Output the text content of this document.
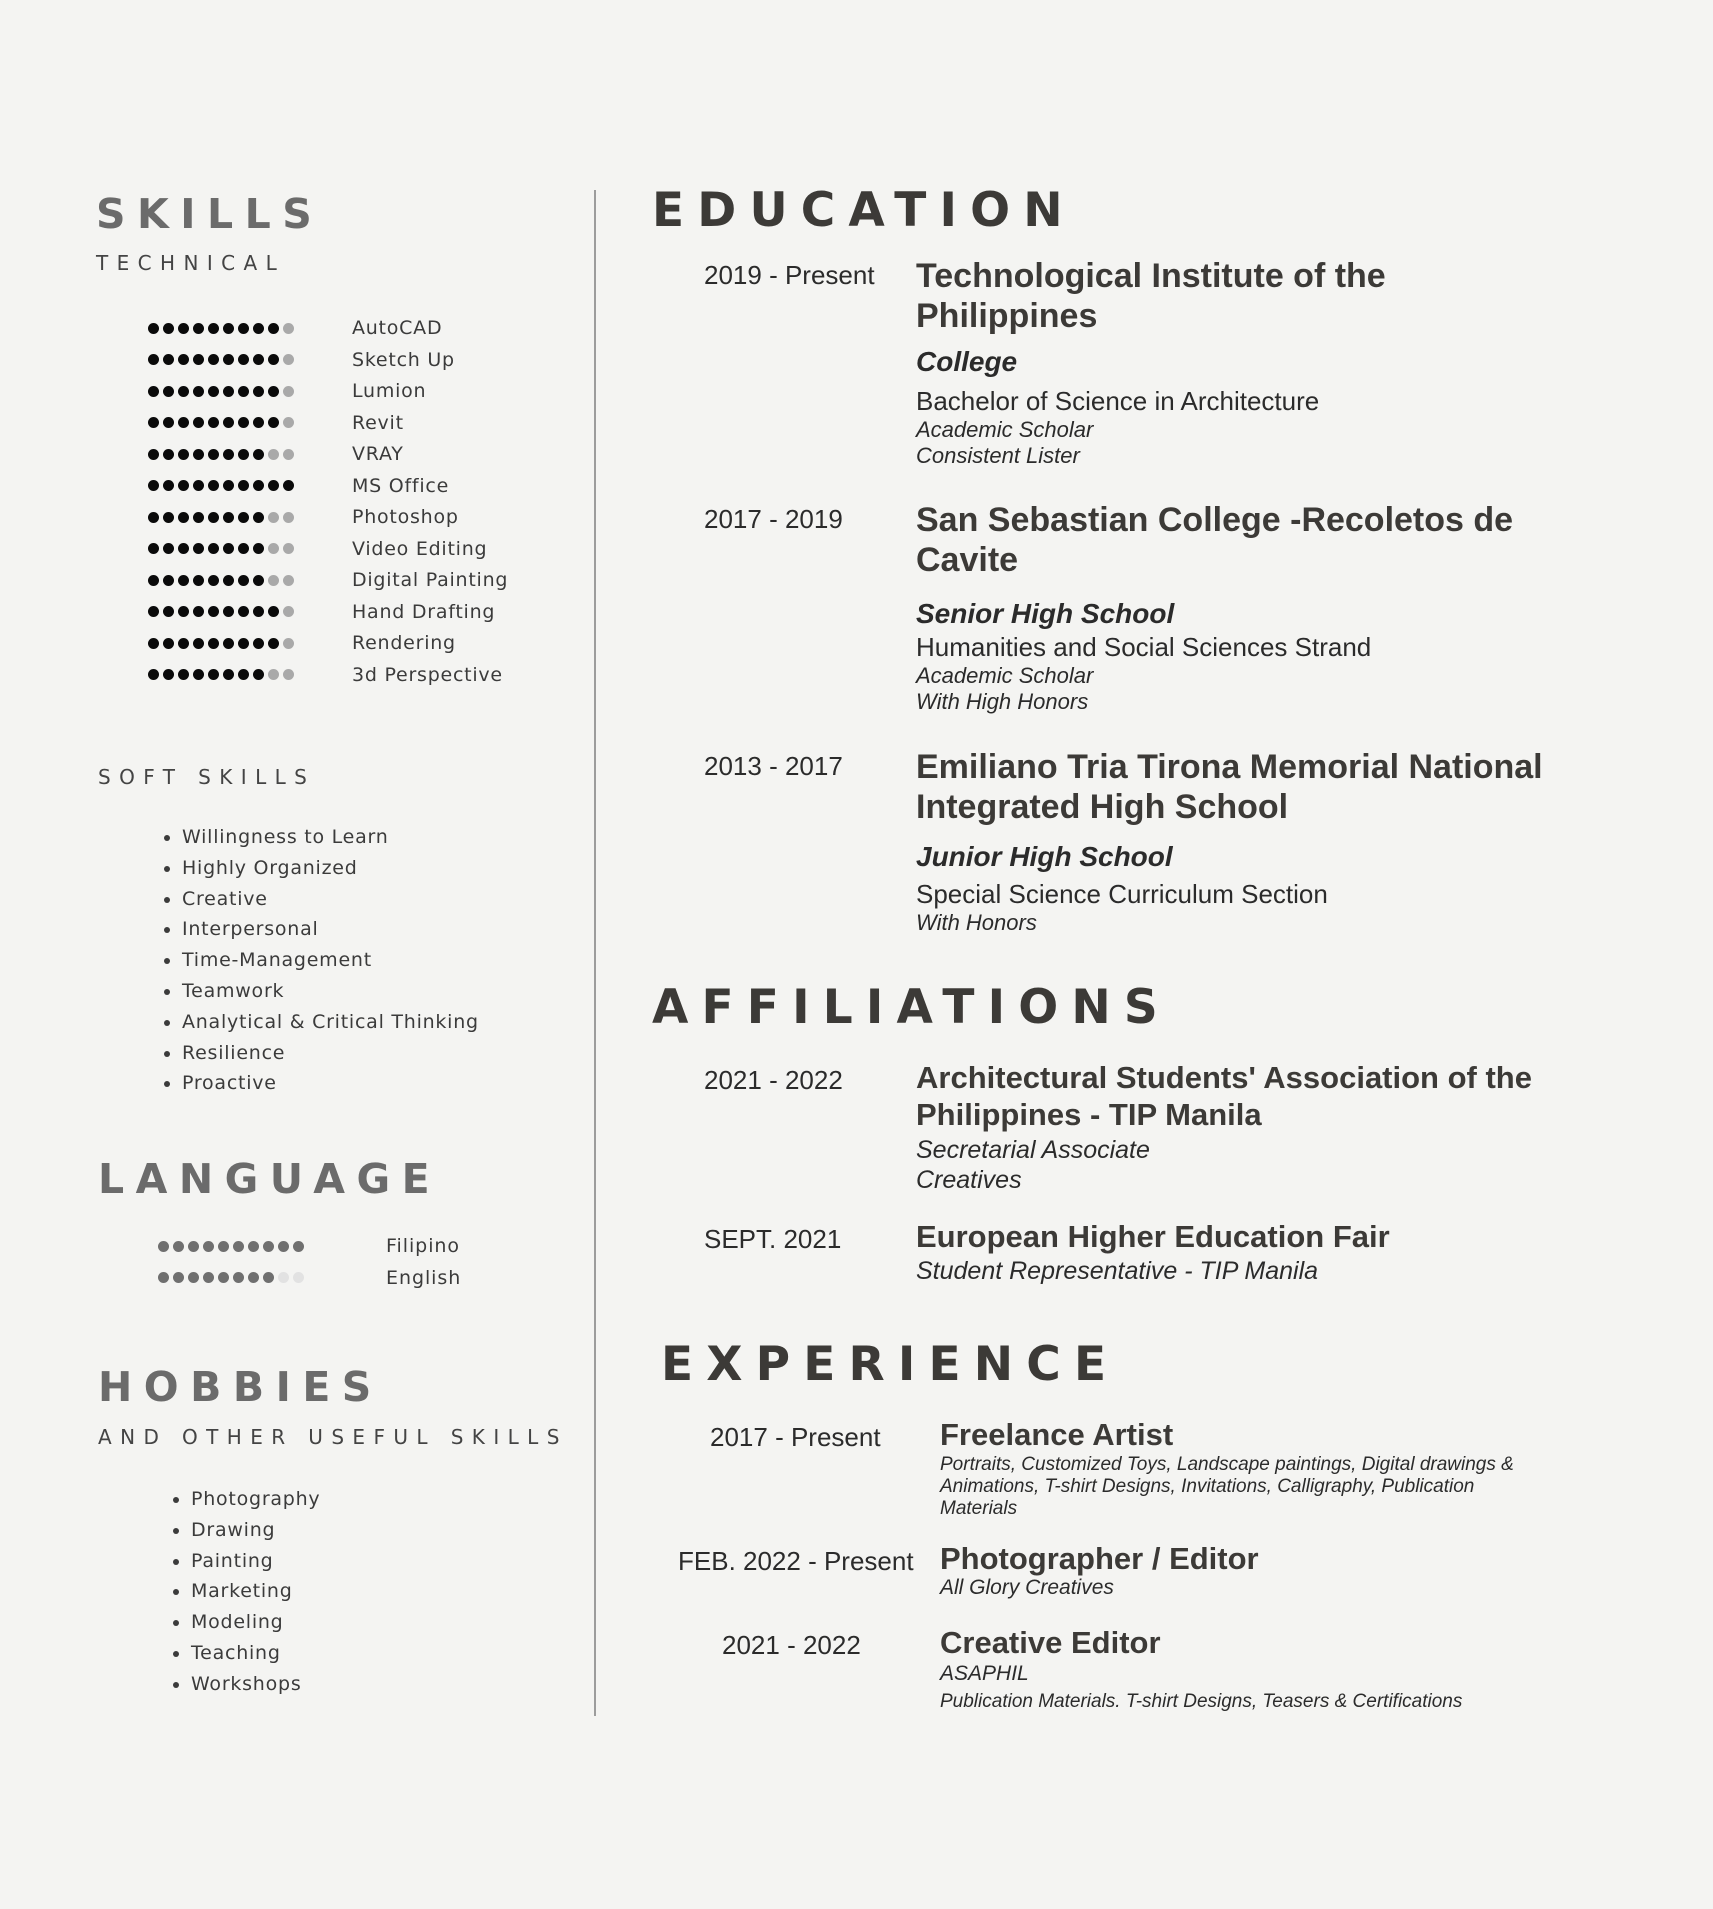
SKILLS
TECHNICAL
AutoCAD
Sketch Up
Lumion
Revit
VRAY
MS Office
Photoshop
Video Editing
Digital Painting
Hand Drafting
Rendering
3d Perspective
SOFT SKILLS
• Willingness to Learn
• Highly Organized
• Creative
• Interpersonal
• Time-Management
• Teamwork
• Analytical & Critical Thinking
• Resilience
• Proactive
LANGUAGE
Filipino
English
HOBBIES
AND OTHER USEFUL SKILLS
• Photography
• Drawing
• Painting
• Marketing
• Modeling
• Teaching
• Workshops
EDUCATION
2019 - Present Technological Institute of the Philippines
College
Bachelor of Science in Architecture
Academic Scholar
Consistent Lister
2017 - 2019 San Sebastian College -Recoletos de Cavite
Senior High School
Humanities and Social Sciences Strand
Academic Scholar
With High Honors
2013 - 2017 Emiliano Tria Tirona Memorial National Integrated High School
Junior High School
Special Science Curriculum Section
With Honors
AFFILIATIONS
2021 - 2022 Architectural Students' Association of the Philippines - TIP Manila
Secretarial Associate
Creatives
SEPT. 2021 European Higher Education Fair
Student Representative - TIP Manila
EXPERIENCE
2017 - Present Freelance Artist
Portraits, Customized Toys, Landscape paintings, Digital drawings & Animations, T-shirt Designs, Invitations, Calligraphy, Publication Materials
FEB. 2022 - Present Photographer / Editor
All Glory Creatives
2021 - 2022	Creative Editor
ASAPHIL
Publication Materials. T-shirt Designs, Teasers & Certifications
